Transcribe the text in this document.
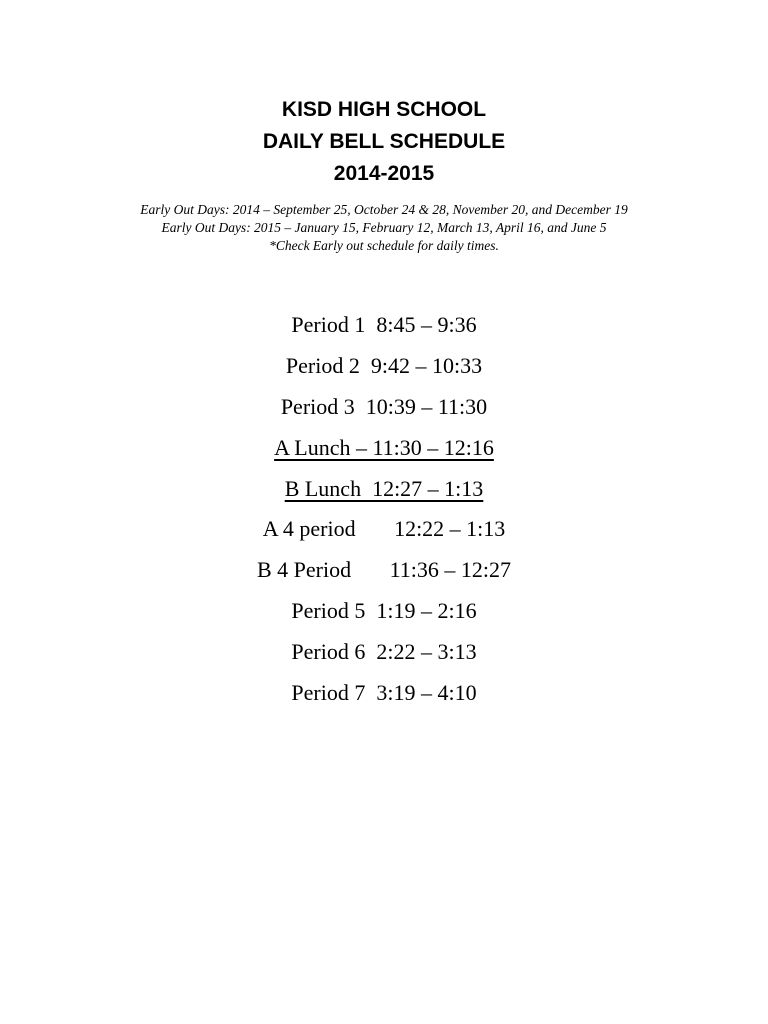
KISD HIGH SCHOOL
DAILY BELL SCHEDULE
2014-2015
Early Out Days: 2014 – September 25, October 24 & 28, November 20, and December 19
Early Out Days: 2015 – January 15, February 12, March 13, April 16, and June 5
*Check Early out schedule for daily times.
Period 1  8:45 – 9:36
Period 2  9:42 – 10:33
Period 3  10:39 – 11:30
A Lunch – 11:30 – 12:16
B Lunch  12:27 – 1:13
A 4 period       12:22 – 1:13
B 4 Period       11:36 – 12:27
Period 5  1:19 – 2:16
Period 6  2:22 – 3:13
Period 7  3:19 – 4:10
